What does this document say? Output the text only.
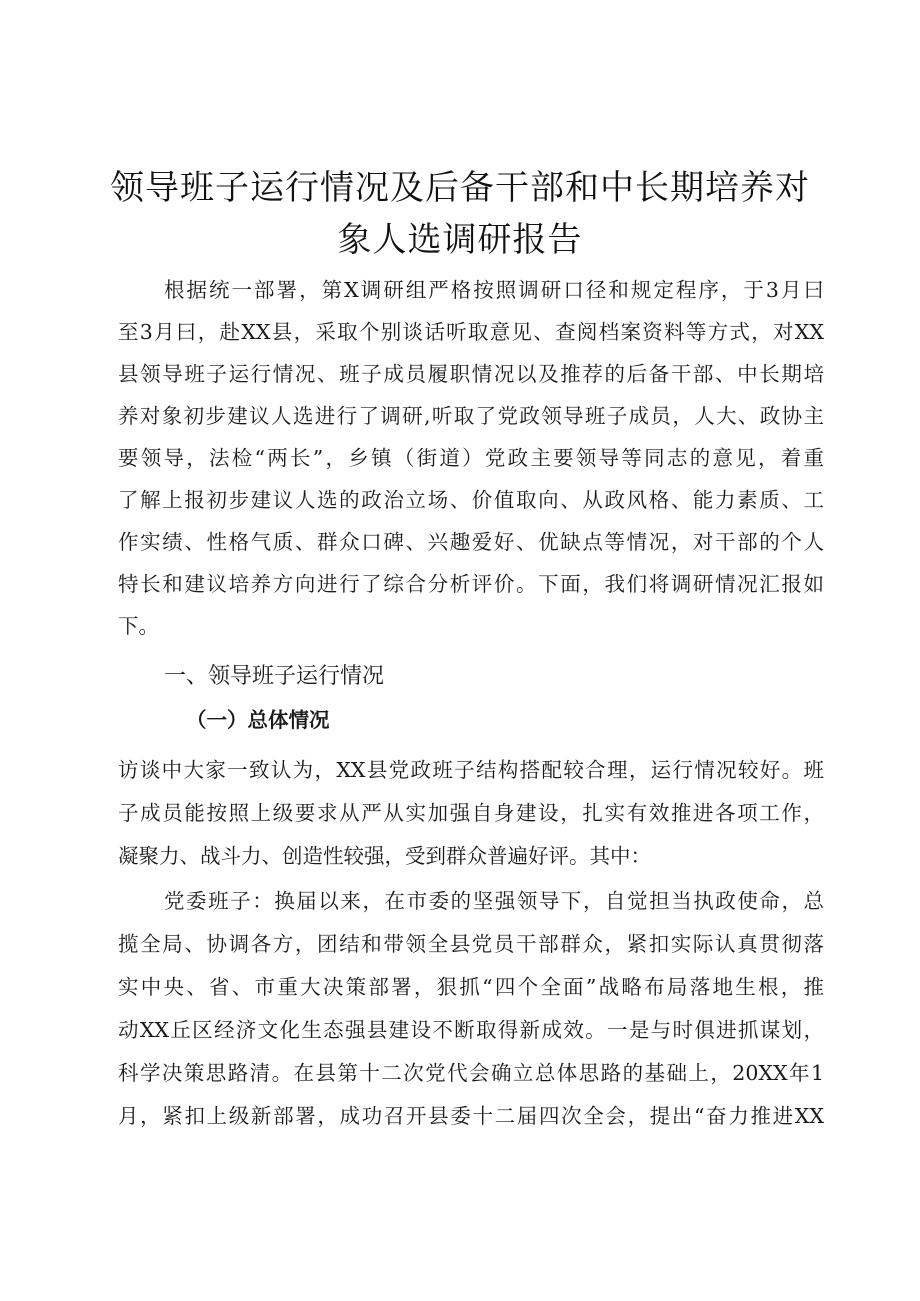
领导班子运行情况及后备干部和中长期培养对
象人选调研报告
根据统一部署，第X调研组严格按照调研口径和规定程序，于3月曰
至3月曰，赴XX县，采取个别谈话听取意见、查阅档案资料等方式，对XX
县领导班子运行情况、班子成员履职情况以及推荐的后备干部、中长期培
养对象初步建议人选进行了调研,听取了党政领导班子成员，人大、政协主
要领导，法检“两长”，乡镇（街道）党政主要领导等同志的意见，着重
了解上报初步建议人选的政治立场、价值取向、从政风格、能力素质、工
作实绩、性格气质、群众口碑、兴趣爱好、优缺点等情况，对干部的个人
特长和建议培养方向进行了综合分析评价。下面，我们将调研情况汇报如
下。
一、领导班子运行情况
（一）总体情况
访谈中大家一致认为，XX县党政班子结构搭配较合理，运行情况较好。班
子成员能按照上级要求从严从实加强自身建设，扎实有效推进各项工作，
凝聚力、战斗力、创造性较强，受到群众普遍好评。其中：
党委班子：换届以来，在市委的坚强领导下，自觉担当执政使命，总
揽全局、协调各方，团结和带领全县党员干部群众，紧扣实际认真贯彻落
实中央、省、市重大决策部署，狠抓“四个全面”战略布局落地生根，推
动XX丘区经济文化生态强县建设不断取得新成效。一是与时俱进抓谋划，
科学决策思路清。在县第十二次党代会确立总体思路的基础上，20XX年1
月，紧扣上级新部署，成功召开县委十二届四次全会，提出“奋力推进XX
